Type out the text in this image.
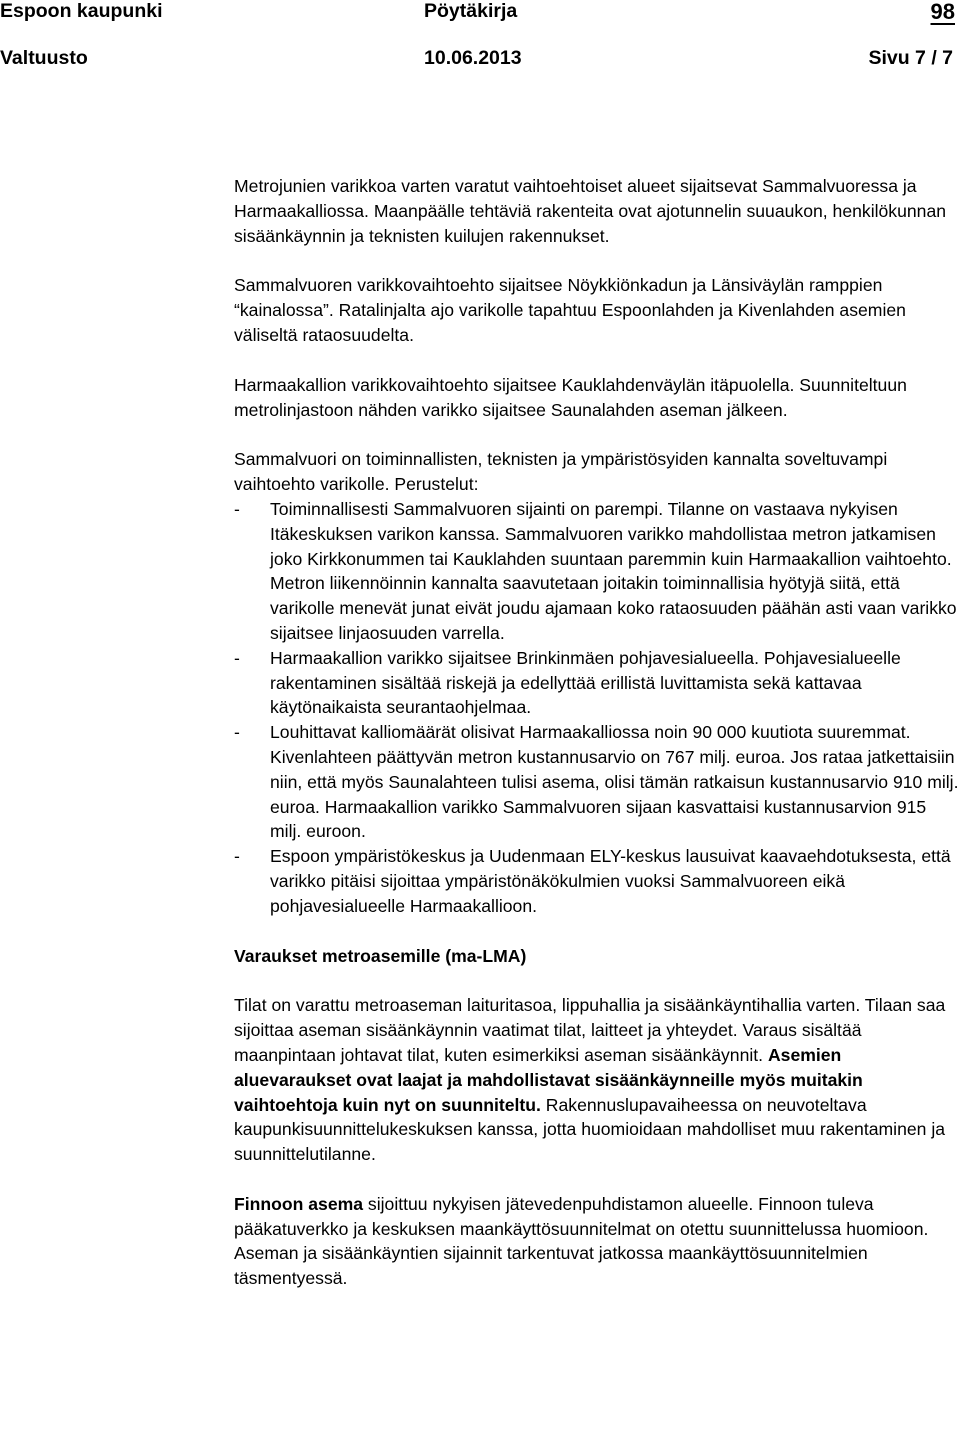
Espoon kaupunki	Pöytäkirja	98
Valtuusto	10.06.2013	Sivu 7 / 7

Metrojunien varikkoa varten varatut vaihtoehtoiset alueet sijaitsevat Sammalvuoressa ja Harmaakalliossa. Maanpäälle tehtäviä rakenteita ovat ajotunnelin suuaukon, henkilökunnan sisäänkäynnin ja teknisten kuilujen rakennukset.

Sammalvuoren varikkovaihtoehto sijaitsee Nöykkiönkadun ja Länsiväylän ramppien “kainalossa”. Ratalinjalta ajo varikolle tapahtuu Espoonlahden ja Kivenlahden asemien väliseltä rataosuudelta.

Harmaakallion varikkovaihtoehto sijaitsee Kauklahdenväylän itäpuolella. Suunniteltuun metrolinjastoon nähden varikko sijaitsee Saunalahden aseman jälkeen.

Sammalvuori on toiminnallisten, teknisten ja ympäristösyiden kannalta soveltuvampi vaihtoehto varikolle. Perustelut:

- Toiminnallisesti Sammalvuoren sijainti on parempi. Tilanne on vastaava nykyisen Itäkeskuksen varikon kanssa. Sammalvuoren varikko mahdollistaa metron jatkamisen joko Kirkkonummen tai Kauklahden suuntaan paremmin kuin Harmaakallion vaihtoehto. Metron liikennöinnin kannalta saavutetaan joitakin toiminnallisia hyötyjä siitä, että varikolle menevät junat eivät joudu ajamaan koko rataosuuden päähän asti vaan varikko sijaitsee linjaosuuden varrella.
- Harmaakallion varikko sijaitsee Brinkinmäen pohjavesialueella. Pohjavesialueelle rakentaminen sisältää riskejä ja edellyttää erillistä luvittamista sekä kattavaa käytönaikaista seurantaohjelmaa.
- Louhittavat kalliomäärät olisivat Harmaakalliossa noin 90 000 kuutiota suuremmat. Kivenlahteen päättyvän metron kustannusarvio on 767 milj. euroa. Jos rataa jatkettaisiin niin, että myös Saunalahteen tulisi asema, olisi tämän ratkaisun kustannusarvio 910 milj. euroa. Harmaakallion varikko Sammalvuoren sijaan kasvattaisi kustannusarvion 915 milj. euroon.
- Espoon ympäristökeskus ja Uudenmaan ELY-keskus lausuivat kaavaehdotuksesta, että varikko pitäisi sijoittaa ympäristönäkökulmien vuoksi Sammalvuoreen eikä pohjavesialueelle Harmaakallioon.

Varaukset metroasemille (ma-LMA)

Tilat on varattu metroaseman laituritasoa, lippuhallia ja sisäänkäyntihallia varten. Tilaan saa sijoittaa aseman sisäänkäynnin vaatimat tilat, laitteet ja yhteydet. Varaus sisältää maanpintaan johtavat tilat, kuten esimerkiksi aseman sisäänkäynnit. Asemien aluevaraukset ovat laajat ja mahdollistavat sisäänkäynneille myös muitakin vaihtoehtoja kuin nyt on suunniteltu. Rakennuslupavaiheessa on neuvoteltava kaupunkisuunnittelukeskuksen kanssa, jotta huomioidaan mahdolliset muu rakentaminen ja suunnittelutilanne.

Finnoon asema sijoittuu nykyisen jätevedenpuhdistamon alueelle. Finnoon tuleva pääkatuverkko ja keskuksen maankäyttösuunnitelmat on otettu suunnittelussa huomioon. Aseman ja sisäänkäyntien sijainnit tarkentuvat jatkossa maankäyttösuunnitelmien täsmentyessä.
